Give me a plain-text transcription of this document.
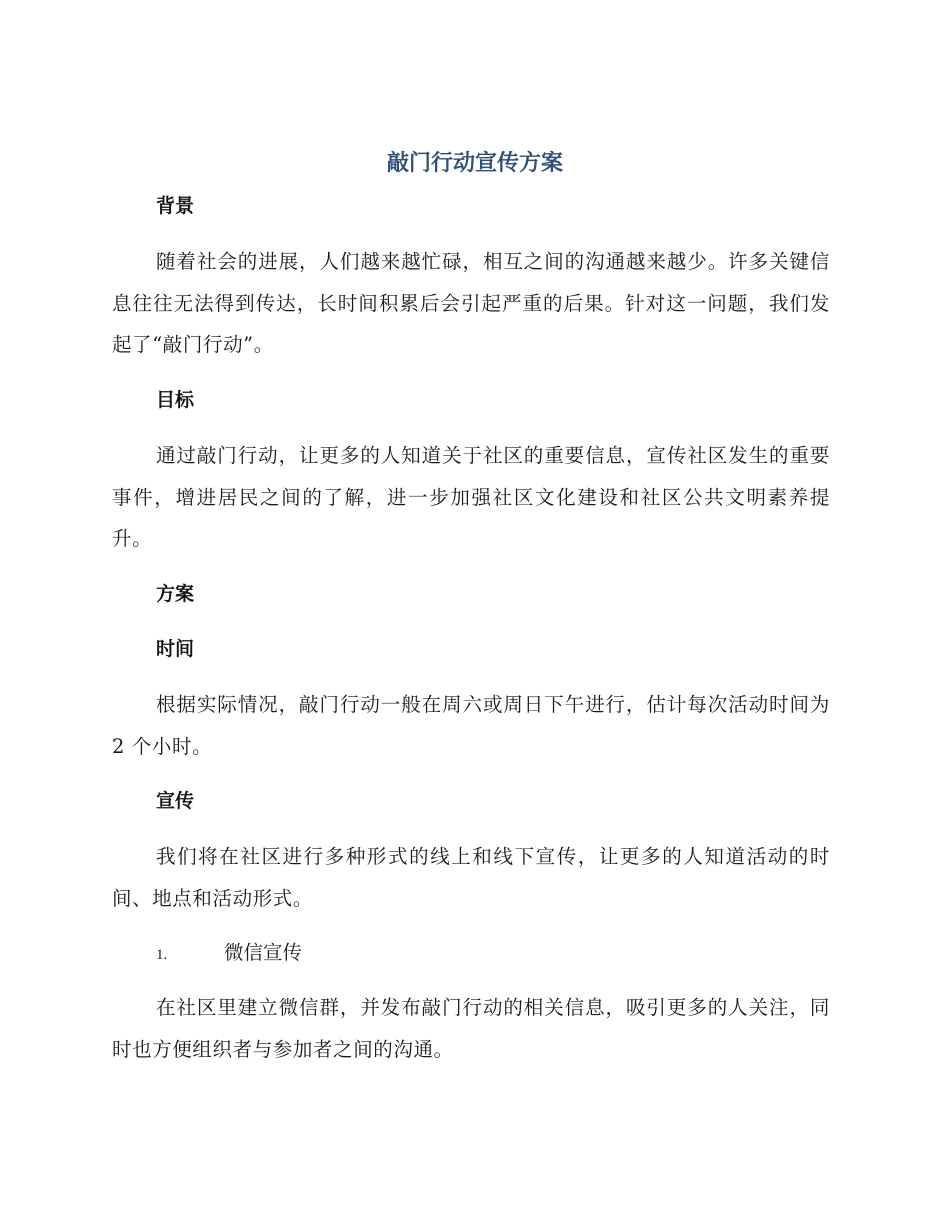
敲门行动宣传方案
背景

随着社会的进展，人们越来越忙碌，相互之间的沟通越来越少。许多关键信息往往无法得到传达，长时间积累后会引起严重的后果。针对这一问题，我们发起了“敲门行动”。

目标

通过敲门行动，让更多的人知道关于社区的重要信息，宣传社区发生的重要事件，增进居民之间的了解，进一步加强社区文化建设和社区公共文明素养提升。

方案
时间

根据实际情况，敲门行动一般在周六或周日下午进行，估计每次活动时间为 2 个小时。

宣传

我们将在社区进行多种形式的线上和线下宣传，让更多的人知道活动的时间、地点和活动形式。

1.	微信宣传

在社区里建立微信群，并发布敲门行动的相关信息，吸引更多的人关注，同时也方便组织者与参加者之间的沟通。
